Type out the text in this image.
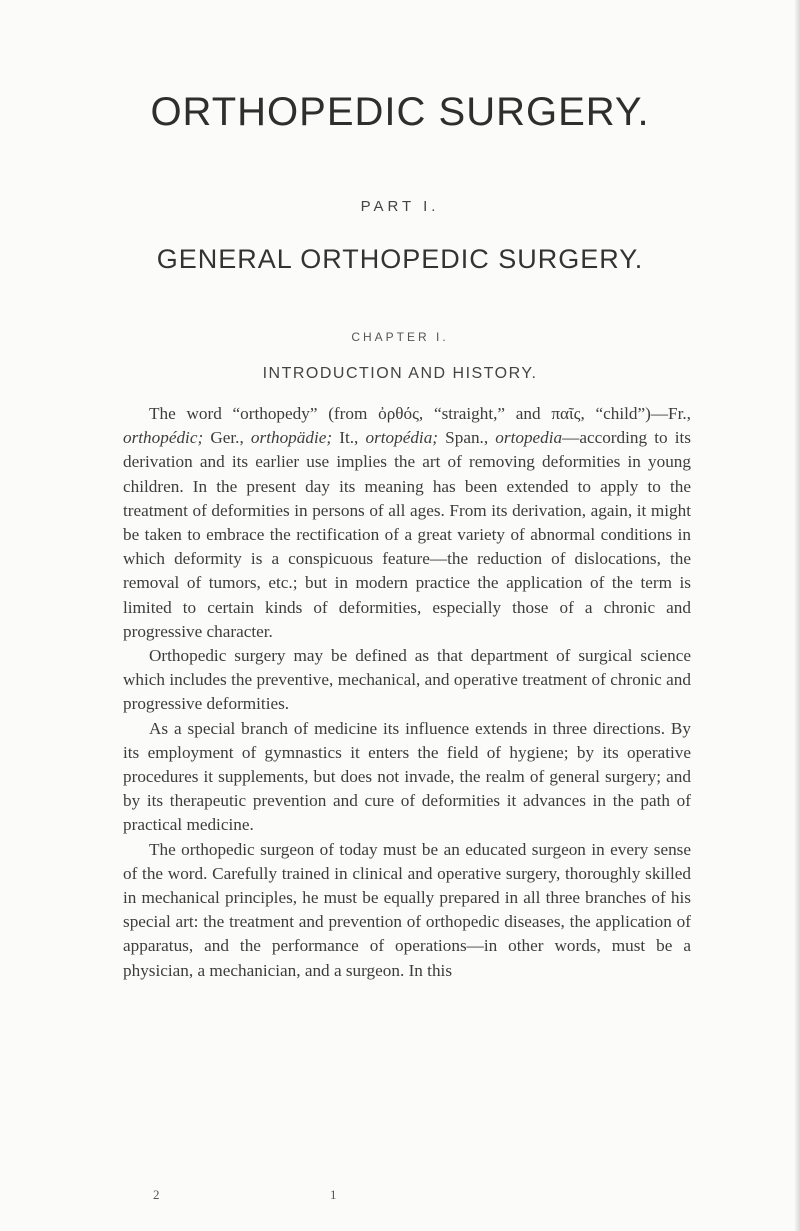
ORTHOPEDIC SURGERY.
PART I.
GENERAL ORTHOPEDIC SURGERY.
CHAPTER I.
INTRODUCTION AND HISTORY.

The word “orthopedy” (from ὀρθός, “straight,” and παῖς, “child”)—Fr., orthopédic; Ger., orthopädie; It., ortopédia; Span., ortopedia—according to its derivation and its earlier use implies the art of removing deformities in young children. In the present day its meaning has been extended to apply to the treatment of deformities in persons of all ages. From its derivation, again, it might be taken to embrace the rectification of a great variety of abnormal conditions in which deformity is a conspicuous feature—the reduction of dislocations, the removal of tumors, etc.; but in modern practice the application of the term is limited to certain kinds of deformities, especially those of a chronic and progressive character.

Orthopedic surgery may be defined as that department of surgical science which includes the preventive, mechanical, and operative treatment of chronic and progressive deformities.

As a special branch of medicine its influence extends in three directions. By its employment of gymnastics it enters the field of hygiene; by its operative procedures it supplements, but does not invade, the realm of general surgery; and by its therapeutic prevention and cure of deformities it advances in the path of practical medicine.

The orthopedic surgeon of today must be an educated surgeon in every sense of the word. Carefully trained in clinical and operative surgery, thoroughly skilled in mechanical principles, he must be equally prepared in all three branches of his special art: the treatment and prevention of orthopedic diseases, the application of apparatus, and the performance of operations—in other words, must be a physician, a mechanician, and a surgeon. In this

2	1
